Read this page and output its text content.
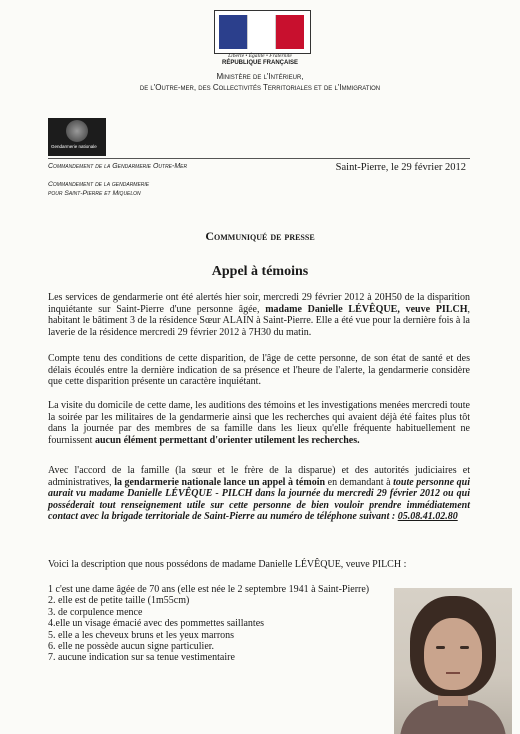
Liberté • Égalité • Fraternité
RÉPUBLIQUE FRANÇAISE
Ministère de l'Intérieur,
de l'Outre-mer, des Collectivités Territoriales et de l'Immigration
Gendarmerie nationale
Commandement de la Gendarmerie Outre-Mer
Commandement de la gendarmerie
pour Saint-Pierre et Miquelon
Saint-Pierre, le 29 février 2012
Communiqué de presse
Appel à témoins
Les services de gendarmerie ont été alertés hier soir, mercredi 29 février 2012 à 20H50 de la disparition inquiétante sur Saint-Pierre d'une personne âgée, madame Danielle LÉVÊQUE, veuve PILCH, habitant le bâtiment 3 de la résidence Sœur ALAIN à Saint-Pierre. Elle a été vue pour la dernière fois à la laverie de la résidence mercredi 29 février 2012 à 7H30 du matin.
Compte tenu des conditions de cette disparition, de l'âge de cette personne, de son état de santé et des délais écoulés entre la dernière indication de sa présence et l'heure de l'alerte, la gendarmerie considère que cette disparition présente un caractère inquiétant.
La visite du domicile de cette dame, les auditions des témoins et les investigations menées mercredi toute la soirée par les militaires de la gendarmerie ainsi que les recherches qui avaient déjà été faites plus tôt dans la journée par des membres de sa famille dans les lieux qu'elle fréquente habituellement ne fournissent aucun élément permettant d'orienter utilement les recherches.
Avec l'accord de la famille (la sœur et le frère de la disparue) et des autorités judiciaires et administratives, la gendarmerie nationale lance un appel à témoin en demandant à toute personne qui aurait vu madame Danielle LÉVÊQUE - PILCH dans la journée du mercredi 29 février 2012 ou qui posséderait tout renseignement utile sur cette personne de bien vouloir prendre immédiatement contact avec la brigade territoriale de Saint-Pierre au numéro de téléphone suivant : 05.08.41.02.80
Voici la description que nous possédons de madame Danielle LÉVÊQUE, veuve PILCH :
1 c'est une dame âgée de 70 ans (elle est née le 2 septembre 1941 à Saint-Pierre)
2. elle est de petite taille (1m55cm)
3. de corpulence mence
4.elle un visage émacié avec des pommettes saillantes
5. elle a les cheveux bruns et les yeux marrons
6. elle ne possède aucun signe particulier.
7. aucune indication sur sa tenue vestimentaire
